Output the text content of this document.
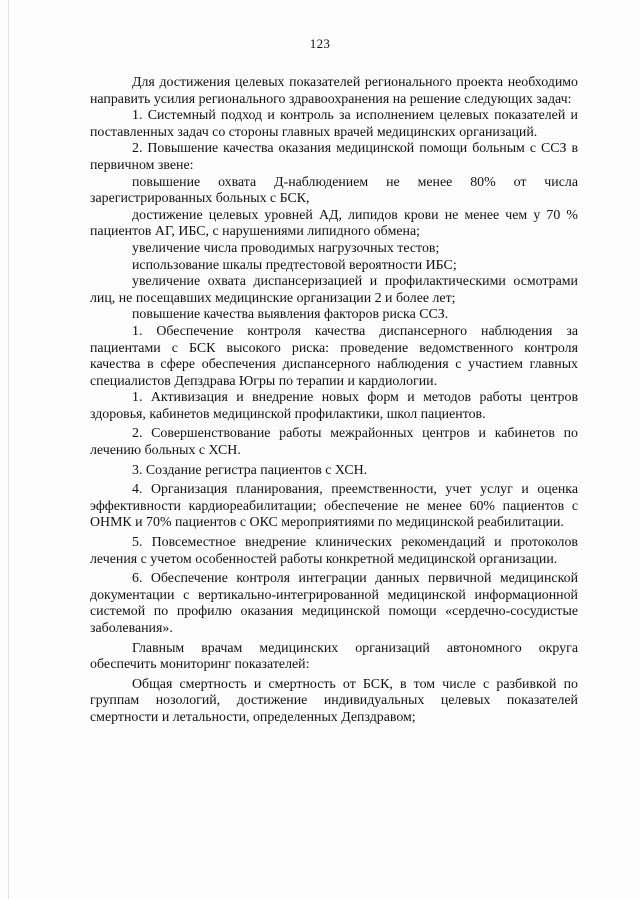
123

Для достижения целевых показателей регионального проекта необходимо направить усилия регионального здравоохранения на решение следующих задач:

1. Системный подход и контроль за исполнением целевых показателей и поставленных задач со стороны главных врачей медицинских организаций.

2. Повышение качества оказания медицинской помощи больным с ССЗ в первичном звене:

повышение охвата Д-наблюдением не менее 80% от числа зарегистрированных больных с БСК,

достижение целевых уровней АД, липидов крови не менее чем у 70 % пациентов АГ, ИБС, с нарушениями липидного обмена;

увеличение числа проводимых нагрузочных тестов;

использование шкалы предтестовой вероятности ИБС;

увеличение охвата диспансеризацией и профилактическими осмотрами лиц, не посещавших медицинские организации 2 и более лет;

повышение качества выявления факторов риска ССЗ.

1. Обеспечение контроля качества диспансерного наблюдения за пациентами с БСК высокого риска: проведение ведомственного контроля качества в сфере обеспечения диспансерного наблюдения с участием главных специалистов Депздрава Югры по терапии и кардиологии.

1. Активизация и внедрение новых форм и методов работы центров здоровья, кабинетов медицинской профилактики, школ пациентов.

2. Совершенствование работы межрайонных центров и кабинетов по лечению больных с ХСН.

3. Создание регистра пациентов с ХСН.

4. Организация планирования, преемственности, учет услуг и оценка эффективности кардиореабилитации; обеспечение не менее 60% пациентов с ОНМК и 70% пациентов с ОКС мероприятиями по медицинской реабилитации.

5. Повсеместное внедрение клинических рекомендаций и протоколов лечения с учетом особенностей работы конкретной медицинской организации.

6. Обеспечение контроля интеграции данных первичной медицинской документации с вертикально-интегрированной медицинской информационной системой по профилю оказания медицинской помощи «сердечно-сосудистые заболевания».

Главным врачам медицинских организаций автономного округа обеспечить мониторинг показателей:

Общая смертность и смертность от БСК, в том числе с разбивкой по группам нозологий, достижение индивидуальных целевых показателей смертности и летальности, определенных Депздравом;
